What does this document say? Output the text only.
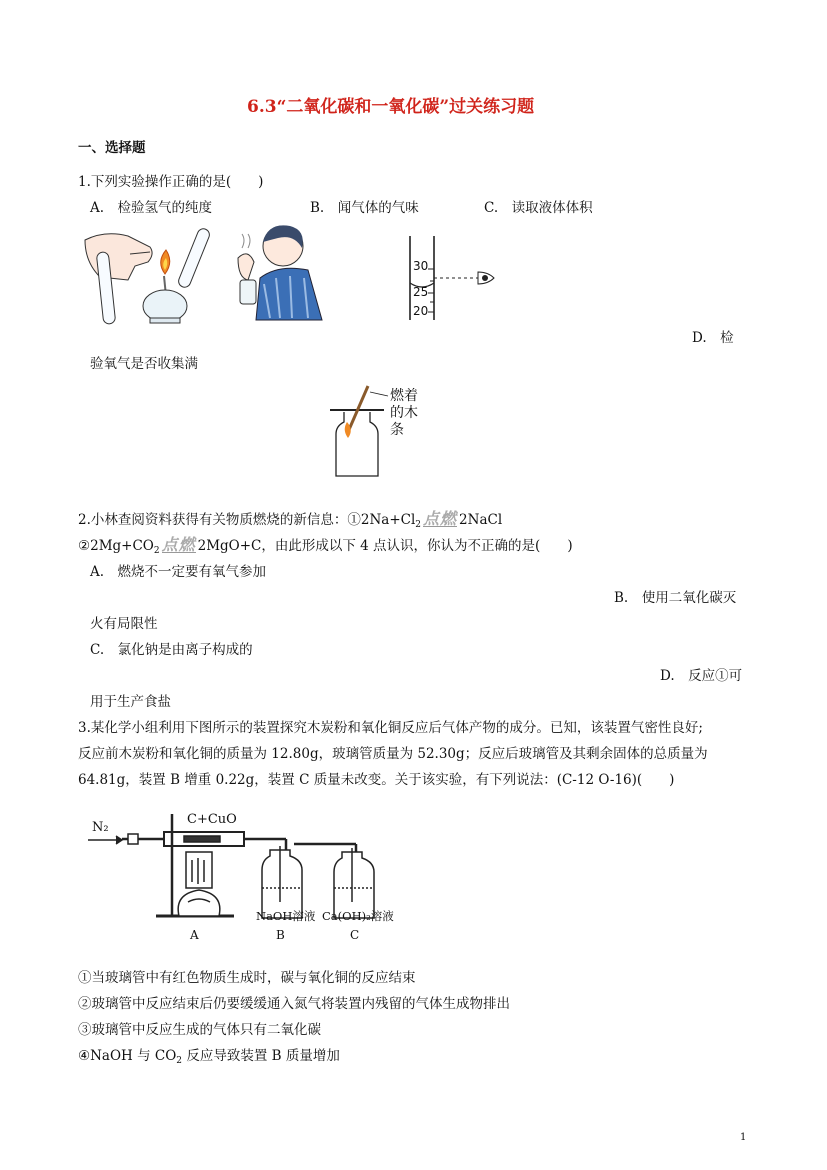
6.3“二氧化碳和一氧化碳”过关练习题
一、选择题
1.下列实验操作正确的是(　　)
A.　检验氢气的纯度	B.　闻气体的气味	C.　读取液体体积
30
25
20
D.　检
验氧气是否收集满
燃着
的木
条
2.小林查阅资料获得有关物质燃烧的新信息：$①2Na+Cl_2$ 点燃 2NaCl
$②2Mg+CO_2$ 点燃 2MgO+C，由此形成以下 4 点认识，你认为不正确的是(　　)
A.　燃烧不一定要有氧气参加
B.　使用二氧化碳灭
火有局限性
C.　氯化钠是由离子构成的
D.　反应①可
用于生产食盐
3.某化学小组利用下图所示的装置探究木炭粉和氧化铜反应后气体产物的成分。已知，该装置气密性良好;
反应前木炭粉和氧化铜的质量为 12.80g，玻璃管质量为 52.30g；反应后玻璃管及其剩余固体的总质量为
64.81g，装置 B 增重 0.22g，装置 C 质量未改变。关于该实验，有下列说法：(C-12 O-16)(　　)
N₂
C+CuO
NaOH溶液 Ca(OH)₂溶液
A	B	C
①当玻璃管中有红色物质生成时，碳与氧化铜的反应结束
②玻璃管中反应结束后仍要缓缓通入氮气将装置内残留的气体生成物排出
③玻璃管中反应生成的气体只有二氧化碳
④NaOH 与 $CO_2$ 反应导致装置 B 质量增加
1
